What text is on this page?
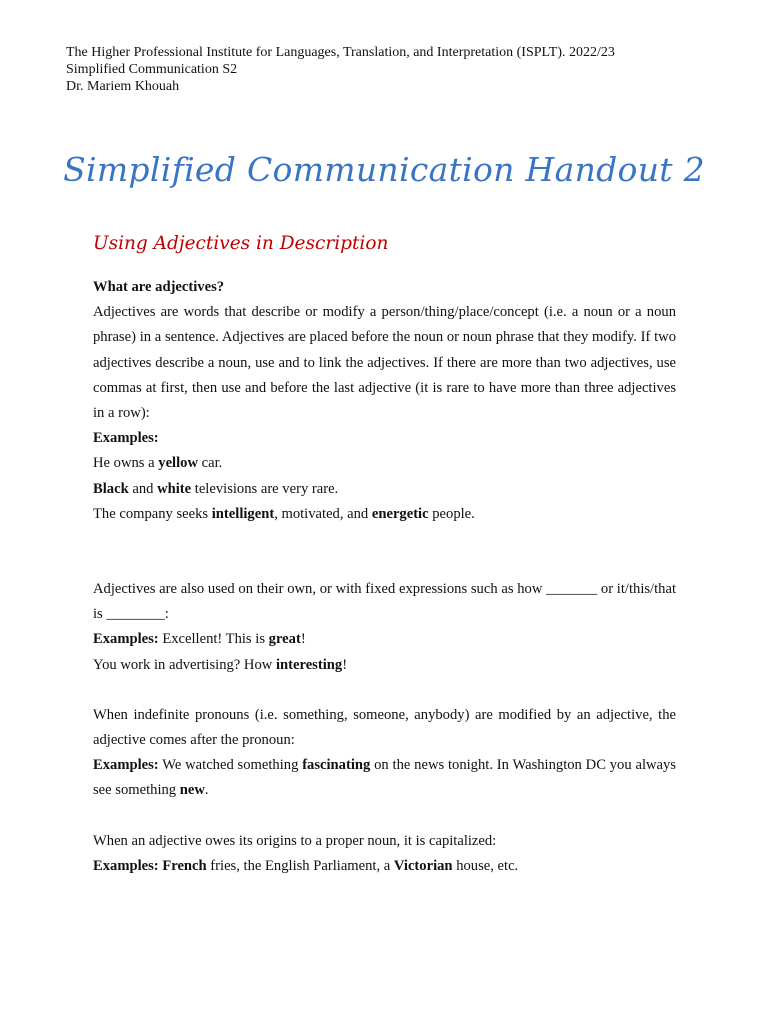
The Higher Professional Institute for Languages, Translation, and Interpretation (ISPLT). 2022/23
Simplified Communication S2
Dr. Mariem Khouah
Simplified Communication Handout 2
Using Adjectives in Description

What are adjectives?

Adjectives are words that describe or modify a person/thing/place/concept (i.e. a noun or a noun phrase) in a sentence. Adjectives are placed before the noun or noun phrase that they modify. If two adjectives describe a noun, use and to link the adjectives. If there are more than two adjectives, use commas at first, then use and before the last adjective (it is rare to have more than three adjectives in a row):

Examples:

He owns a yellow car.

Black and white televisions are very rare.

The company seeks intelligent, motivated, and energetic people.

Adjectives are also used on their own, or with fixed expressions such as how _______ or it/this/that is ________:

Examples: Excellent! This is great!

You work in advertising? How interesting!

When indefinite pronouns (i.e. something, someone, anybody) are modified by an adjective, the adjective comes after the pronoun:

Examples: We watched something fascinating on the news tonight. In Washington DC you always see something new.

When an adjective owes its origins to a proper noun, it is capitalized:

Examples: French fries, the English Parliament, a Victorian house, etc.
